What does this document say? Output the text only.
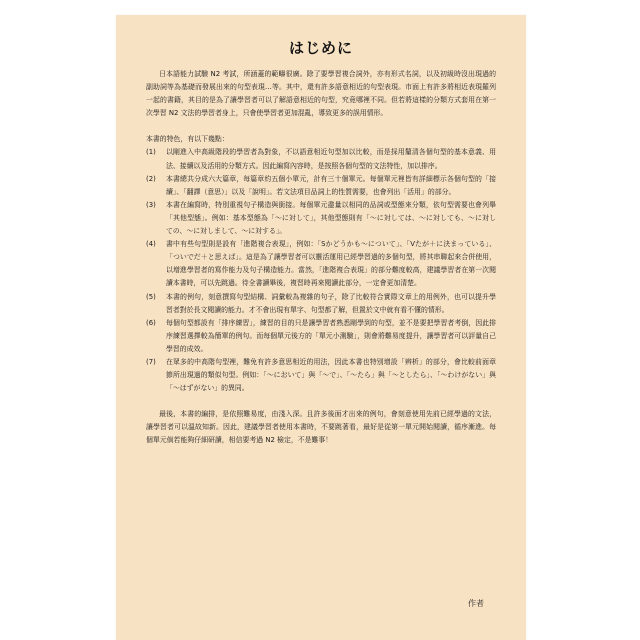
はじめに

日本語能力試驗 N2 考試，所涵蓋的範疇很廣。除了要學習複合詞外，亦有形式名詞，以及初級時沒出現過的副助詞等為基礎而發展出來的句型表現…等。其中，還有許多語意相近的句型表現。市面上有許多將相近表現羅列一起的書籍，其目的是為了讓學習者可以了解語意相近的句型，究竟哪裡不同。但若將這樣的分類方式套用在第一次學習 N2 文法的學習者身上，只會使學習者更加混亂，導致更多的誤用情形。

本書的特色，有以下幾點：

(1)	以剛進入中高級階段的學習者為對象，不以語意相近句型加以比較，而是採用釐清各個句型的基本意義、用法、接續以及活用的分類方式。因此編寫內容時，是按照各個句型的文法特性，加以排序。
(2)	本書總共分成六大篇章，每篇章約五個小單元，計有三十個單元。每個單元裡皆有詳細標示各個句型的「接續」、「翻譯（意思）」以及「說明」。若文法項目品詞上的性質需要，也會列出「活用」的部分。
(3)	本書在編寫時，特別重視句子構造與銜接。每個單元盡量以相同的品詞或型態來分類，依句型需要也會列舉「其他型態」。例如：基本型態為「～に対して」，其他型態則有「～に対しては、～に対しても、～に対しての、～に対しまして、～に対する」。
(4)	書中有些句型則是設有「進階複合表現」，例如：「Sかどうかも～について」、「Vたが＋に決まっている」、「ついでだ＋と思えば」。這是為了讓學習者可以靈活運用已經學習過的多個句型，將其串聯起來合併使用，以增進學習者的寫作能力及句子構造能力。當然，「進階複合表現」的部分難度較高，建議學習者在第一次閱讀本書時，可以先跳過。待全書讀畢後，複習時再來閱讀此部分，一定會更加清楚。
(5)	本書的例句，刻意撰寫句型結構、詞彙較為複雜的句子，除了比較符合實際文章上的用例外，也可以提升學習者對於長文閱讀的能力。才不會出現有單字、句型都了解，但置於文中就有看不懂的情形。
(6)	每個句型都設有「排序練習」，練習的目的只是讓學習者熟悉剛學到的句型，並不是要把學習者考倒，因此排序練習選擇較為簡單的例句。而每個單元後方的「單元小測驗」，則會將難易度提升，讓學習者可以評量自己學習的成效。
(7)	在眾多的中高階句型裡，難免有許多意思相近的用法，因此本書也特別增設「辨析」的部分，會比較前面章節所出現過的類似句型。例如：「～において」與「～で」、「～たら」與「～としたら」、「～わけがない」與「～はずがない」的異同。

最後，本書的編排，是依照難易度，由淺入深。且許多後面才出來的例句，會刻意使用先前已經學過的文法，讓學習者可以溫故知新。因此，建議學習者使用本書時，不要跳著看，最好是從第一單元開始閱讀，循序漸進。每個單元倘若能夠仔細研讀，相信要考過 N2 檢定，不是難事！

作者
